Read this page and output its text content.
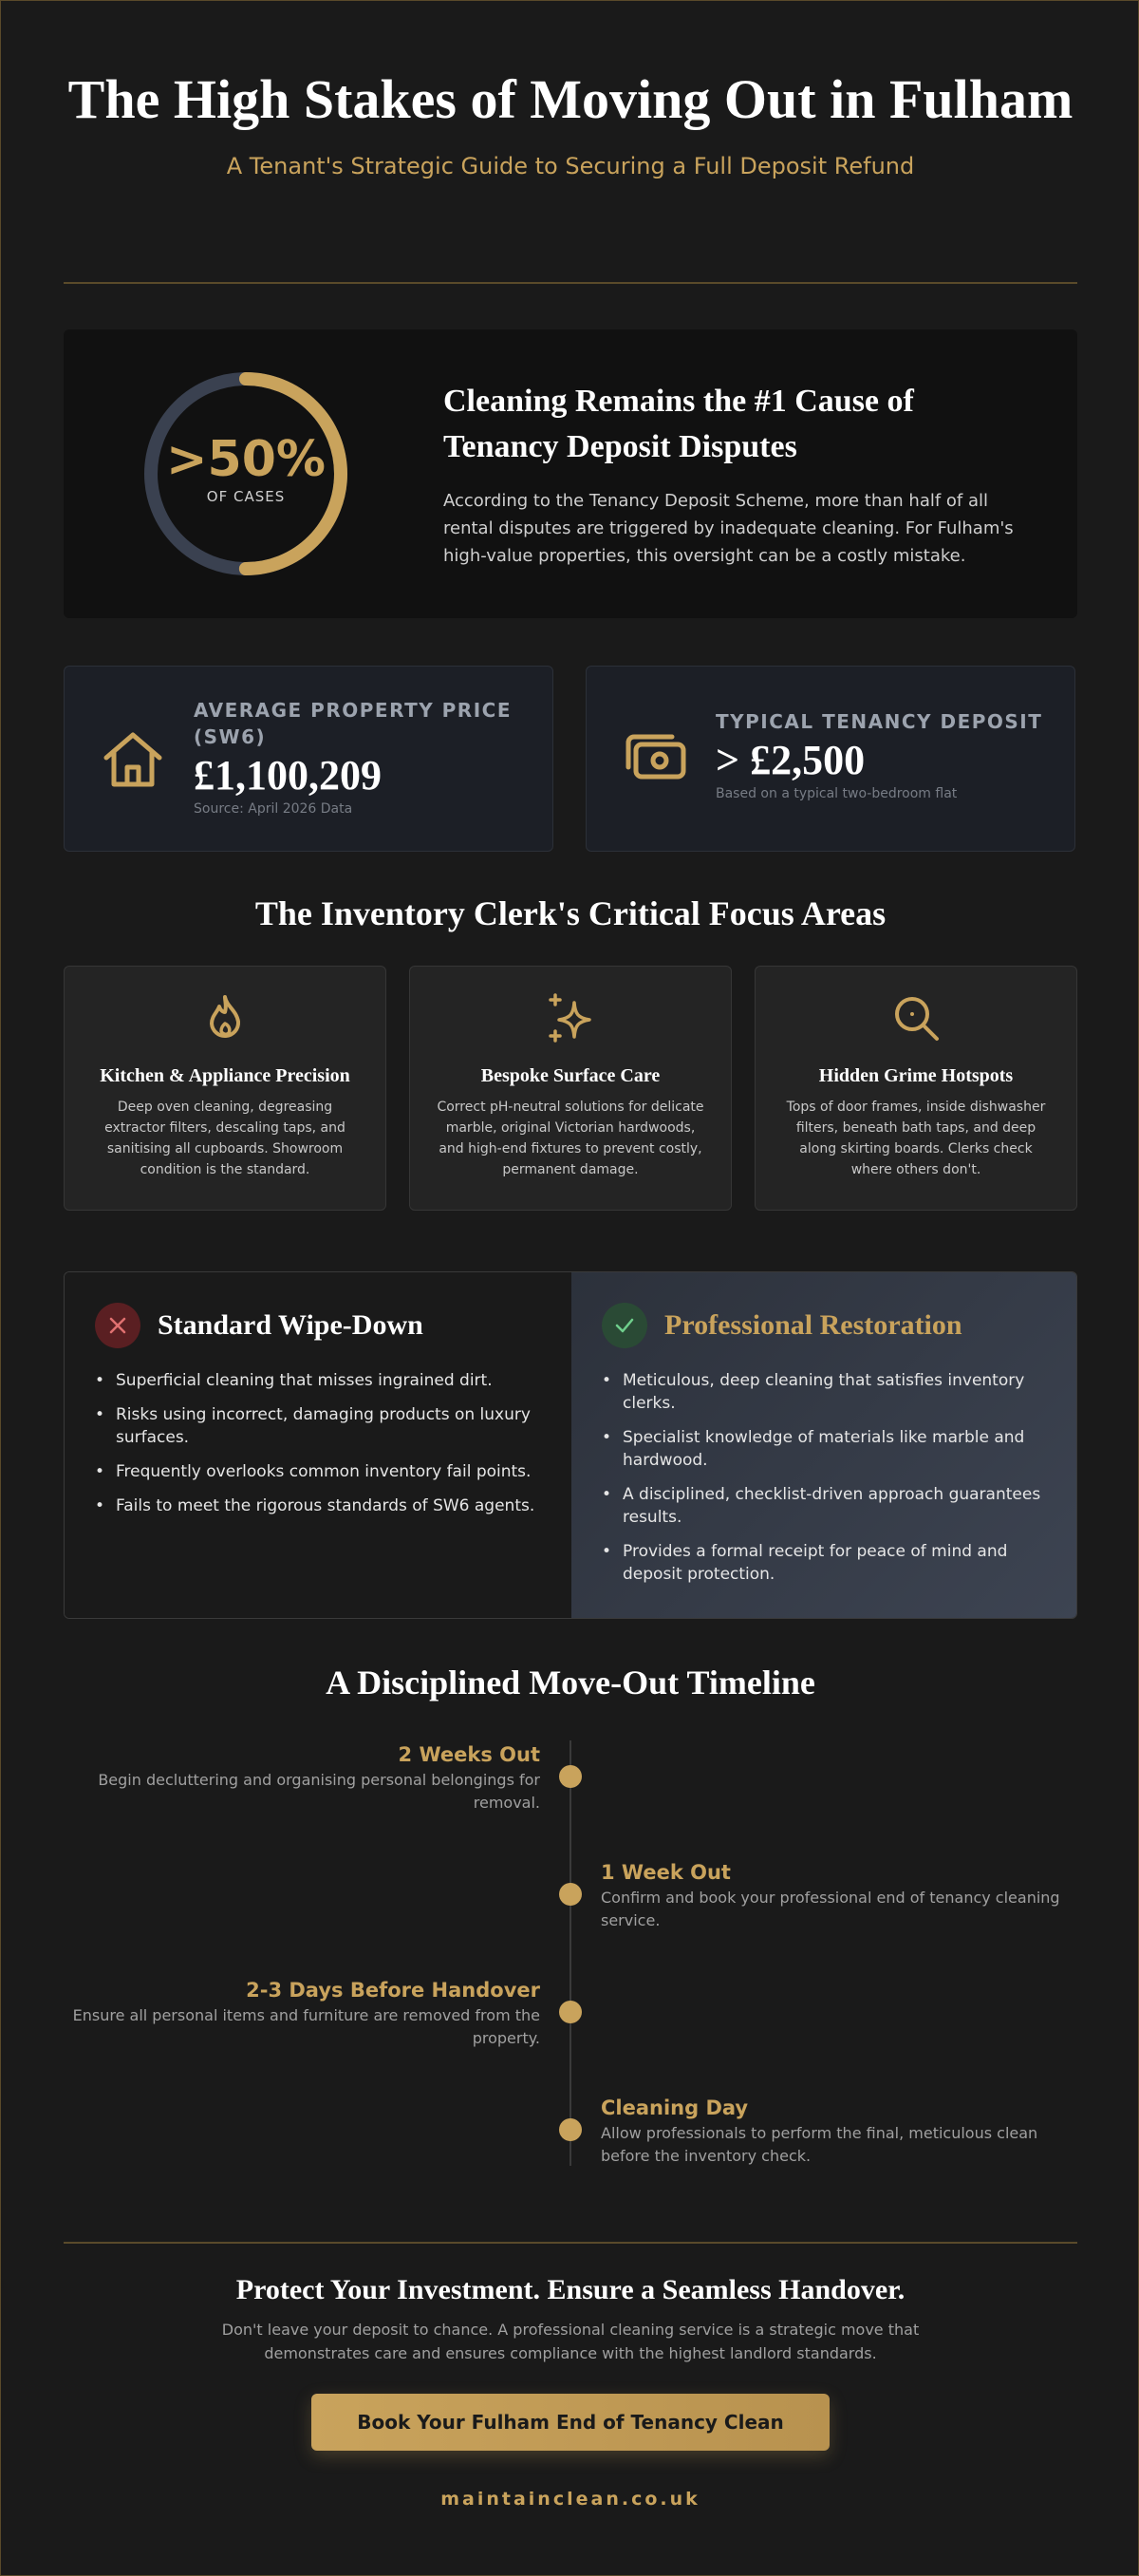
The High Stakes of Moving Out in Fulham

A Tenant's Strategic Guide to Securing a Full Deposit Refund

>50%
OF CASES
Cleaning Remains the #1 Cause of Tenancy Deposit Disputes

According to the Tenancy Deposit Scheme, more than half of all rental disputes are triggered by inadequate cleaning. For Fulham's high-value properties, this oversight can be a costly mistake.

AVERAGE PROPERTY PRICE (SW6)
£1,100,209
Source: April 2026 Data
TYPICAL TENANCY DEPOSIT
> £2,500
Based on a typical two-bedroom flat
The Inventory Clerk's Critical Focus Areas
Kitchen & Appliance Precision

Deep oven cleaning, degreasing extractor filters, descaling taps, and sanitising all cupboards. Showroom condition is the standard.

Bespoke Surface Care

Correct pH-neutral solutions for delicate marble, original Victorian hardwoods, and high-end fixtures to prevent costly, permanent damage.

Hidden Grime Hotspots

Tops of door frames, inside dishwasher filters, beneath bath taps, and deep along skirting boards. Clerks check where others don't.

Standard Wipe-Down
• Superficial cleaning that misses ingrained dirt.
• Risks using incorrect, damaging products on luxury surfaces.
• Frequently overlooks common inventory fail points.
• Fails to meet the rigorous standards of SW6 agents.
Professional Restoration
• Meticulous, deep cleaning that satisfies inventory clerks.
• Specialist knowledge of materials like marble and hardwood.
• A disciplined, checklist-driven approach guarantees results.
• Provides a formal receipt for peace of mind and deposit protection.
A Disciplined Move-Out Timeline
2 Weeks Out
Begin decluttering and organising personal belongings for removal.
1 Week Out
Confirm and book your professional end of tenancy cleaning service.
2-3 Days Before Handover
Ensure all personal items and furniture are removed from the property.
Cleaning Day
Allow professionals to perform the final, meticulous clean before the inventory check.
Protect Your Investment. Ensure a Seamless Handover.

Don't leave your deposit to chance. A professional cleaning service is a strategic move that demonstrates care and ensures compliance with the highest landlord standards.

Book Your Fulham End of Tenancy Clean
maintainclean.co.uk
